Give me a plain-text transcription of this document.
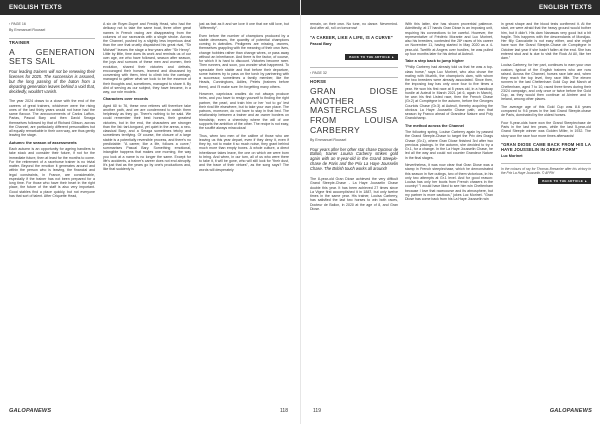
ENGLISH TEXTS
‹ PAGE 16
By Emmanuel Roussel
TRAINER
A GENERATION SETS SAIL
Four leading trainers will not be renewing their licenses for 2025. The succession is assured, but the long passing of the baton from a departing generation leaves behind a void that, decidedly, wouldn't vanish.

The year 2024 draws to a close with the end of the careers of great trainers, whichever were the rising ones of the last thirty years would not have had the same flavour. The announcements of Carlos Laffon-Parias, Pascal Bary and then David Smaga themselves followed by that of Richard Gibson, across the Channel, are particularly different personalities but all equally remarkable in their own way, are thus gently leaving the stage.

Autumn: the season of assessments

Each autumn is an opportunity for ageing handlers to take stock and consider their future, if not for the immediate future, then at least for the months to come. For the retirement of a racehorse trainer is no trivial matter. Beyond the emotion it generates around and within the person who is leaving, the financial and legal constraints, in France, are considerable, especially if the trainer has not been prepared for a long time. For those who have their heart in the right place, the future of the staff is also very important. Good stables find a place quickly, but not everyone has that sort of talent. After Criquette Head,

A six de Royer-Dupré and Freddy Head, who had the delicacy not to take the same boat, three other great names in French racing are disappearing from the columns of our racecards with a single stroke. Across the Channel, pushed by a slightly less imperious deal than the one that cruelly dispatched his great rival, "Sir Michael" leaves the stage a few years after "Sir Henry". Little by little, time does its work and reminds us of our own age, we who have followed, season after season, the joys and sorrows of these men and women, their evolution, shared their victories and defeats, encouraged their horses, learned and discussed by conversing with them, tried to climb into the carriage, managed to gather what we took to be the essence of their thoughts and, sometimes, managed to share it. By dint of serving as our subject, they have become, in a way, our role models.

Characters over records

Aged 60 to 76, these new retirees will therefore take another path, and we are condemned to watch them helplessly as they go. There's nothing to be said. We could remember their best horses, their greatest victories, but in the end, the characters are stronger than the list: tart-tongued, yet quiet in the arena, a neo-classical Bary, and a Smaga sometimes tetchy and sometimes terrifying. Of course, the closure of a large stable is a potentially reversible process, and there's no predictable: "A career, like a life, follows a curve," summarises Pascal Bary. Something emotional, intangible happens that makes one morning, the way you look at a name is no longer the same. Except for life's accidents, a trainer's career does not end abruptly. It's just that as the years go by one's productions and, like that suddenly is

just as fast as it and we love it one that we still love, but "differently".

Even before the number of champions produced by a stable decreases, the quantity of potential champions coming in dwindles. Pedigrees are missing, owners, themselves grappling with the meaning of their own lives, change hobbies rather than change wives, or pass away without an inheritance. And there is the factor, of course, for which it is hard to discount. Victories become rarer. Then runners, and soon, you wonder what happened. To speculate their stable and that before their departure, some trainers try to pass on the torch by partnering with a successor, sometimes a family member, like the Heads, Cunningtons, Adiles, Pelets (trainers before them), and I'll make sure I'm forgetting many others.

However, capricious cradles do not always produce heirs, and you have to resign yourself to finding the right partner, the pearl, and train him or her 'not to go' lest their rival life elsewhere, but to take your own place. The patrons, moreover, do not have to stay in that bed. The relationship between a trainer and an owner borders on friendship, even a chemistry where the will of one supports the ambition of the other. The recipe is not easy, the soufflé always miraculous!

Thus, when two men of the calibre of those who are leaving us this year depart, even if they deny it, even if they try, not to make it so much noise, they grant behind much more than empty boxes. A whole culture, a direct inheritance takes leave, the one on which we were born to bring. And when, in our turn, all of us who were there to take it, it will be gone, who will still look for "their dust, and the trace of their virtues", as the song says? The words will desperately

GALOPANEWS	118
ENGLISH TEXTS

remain, on their own. No tune, no dance. Nevermind. And after all, roll on tomorrow!

"A CAREER, LIKE A LIFE, IS A CURVE"
Pascal Bary
BACK TO THE ARTICLE ▸
‹ PAGE 32
HORSE
GRAN DIOSE ANOTHER MASTERCLASS FROM LOUISA CARBERRY
By Emmanuel Roussel
Four years after her other star chase Docteur de Ballon, trainer Louisa Carberry strikes gold again with an 8-year-old in the Grand Steeple-chase de Paris and the Prix La Haye Jousselin Chase. The British touch works all around!

The 8-year-old Gran Diose achieved the very difficult Grand Steeple-Chase - La Haye Jousselin Chase double this year. It has been achieved 27 times since La Vigne first accomplished it in 1887, but only twelve times in the same year. His trainer, Louisa Carberry, has satisfied the last two horses to win both races, Docteur de Ballon, in 2020 at the age of 8, and Gran Diose.

With this latter, she has shown proverbial patience. Admittedly, at 17 hands Gran Diose is an imposing unit, requiring his connections to be careful. However, the representative of Frédéric Morante and Luc Morinet, also his breeders, contested the 28* races of his career on November 11, having started in May 2020 as a 4-year-old. Twelfth at Angers over hurdles, he was pulled up four months later for his debut at Auteuil.

Take a step back to jump higher

"Philip Carberry had already told us that he was a top-class horse," says Luc Morinet, who also chose the mating with Muzhik, the champion's dam, with whom the two breeders were already associated. Since then, the imposing bay has only once four to five times a year. He won his first race at 5 years old, in a handicap hurdle at Auteuil in March 2021 (at 6, again in March), he won his first Listed race, then the French Chase (Gr.2) at Compiègne in the autumn, before the Georges Courtois Chase (Gr.3) at Auteuil, thereby acquiring the obvious La Haye Jousselin Chase path, won that season by Franco ahead of Grandeur Nature and Poly Grandchamp.

The method across the Channel

The following spring, Louise Carberry again by passed the Grand Steeple-Chase to target the Prix des Drags Chase (Gr.1), where Gran Diose finished 3rd after two previous placings. In the autumn, she decided to try a Gr.1, for a change. In the La Haye Jousselin Chase, he led all the way and could not counter Grandeur Nature in the final stages.

Nevertheless, it was now clear that Gran Diose was a stamp in French steeplechase, which he demonstrated this season in five outings, two of them victorious, in his only two attempts at Gr.1 level. And for good reason: Louisa has only her boots from French chasers in the country! "I would have liked to see him win Cheltenham because I love that racecourse and its atmosphere, but my partner is more cautious," jokes Luc Morinet. "Gran Diose has come back from his La Haye Jousselin win

in great shape and the blood tests confirmed it. At the start, we were afraid that the heavy ground would bother him, but it didn't. His dam Nanawas very good but a bit fragile. This happens with the descendants of Mondjau. Her filly Cancaiotte is not easy either, and she might have won the Grand Steeple-Chase de Compiègne in October last year if she hadn't fallen at the end. She has entered stud and is due to visit the Rock At All, like her dam."

Louisa Carberry, for her part, continues to earn your own custom, typical of the English trainers who are now raised. Across the Channel, horses race late and, when they reach the top level, they race little. The eleven runners in the last Cheltenham Gold Cup last March at Cheltenham, aged 7 to 10, raced three times during their 23/24 campaign, and only once or twice before the Gold Cup, as they would then continue at Aintree and in Ireland, among other places.

The average age of this Gold Cup was 8.6 years compared to 9.6 years in the last Grand Steeple-chase de Paris, dominated by the oldest horses.

Four 9-year-olds have won the Grand Steeplechase de Paris in the last ten years, while the last 5-year-old Grand Steeple winner was Golden Miller, in 1932. The story won the race four more times afterwards!

"GRAN DIOSE CAME BACK FROM HIS LA HAYE JOUSSELIN IN GREAT FORM"
Luc Morinet
In the colours of ray for Thomas Bresanier after his victory in the Prix La Haye Jousselin. © APRH
BACK TO THE ARTICLE ▸
119	GALOPANEWS
